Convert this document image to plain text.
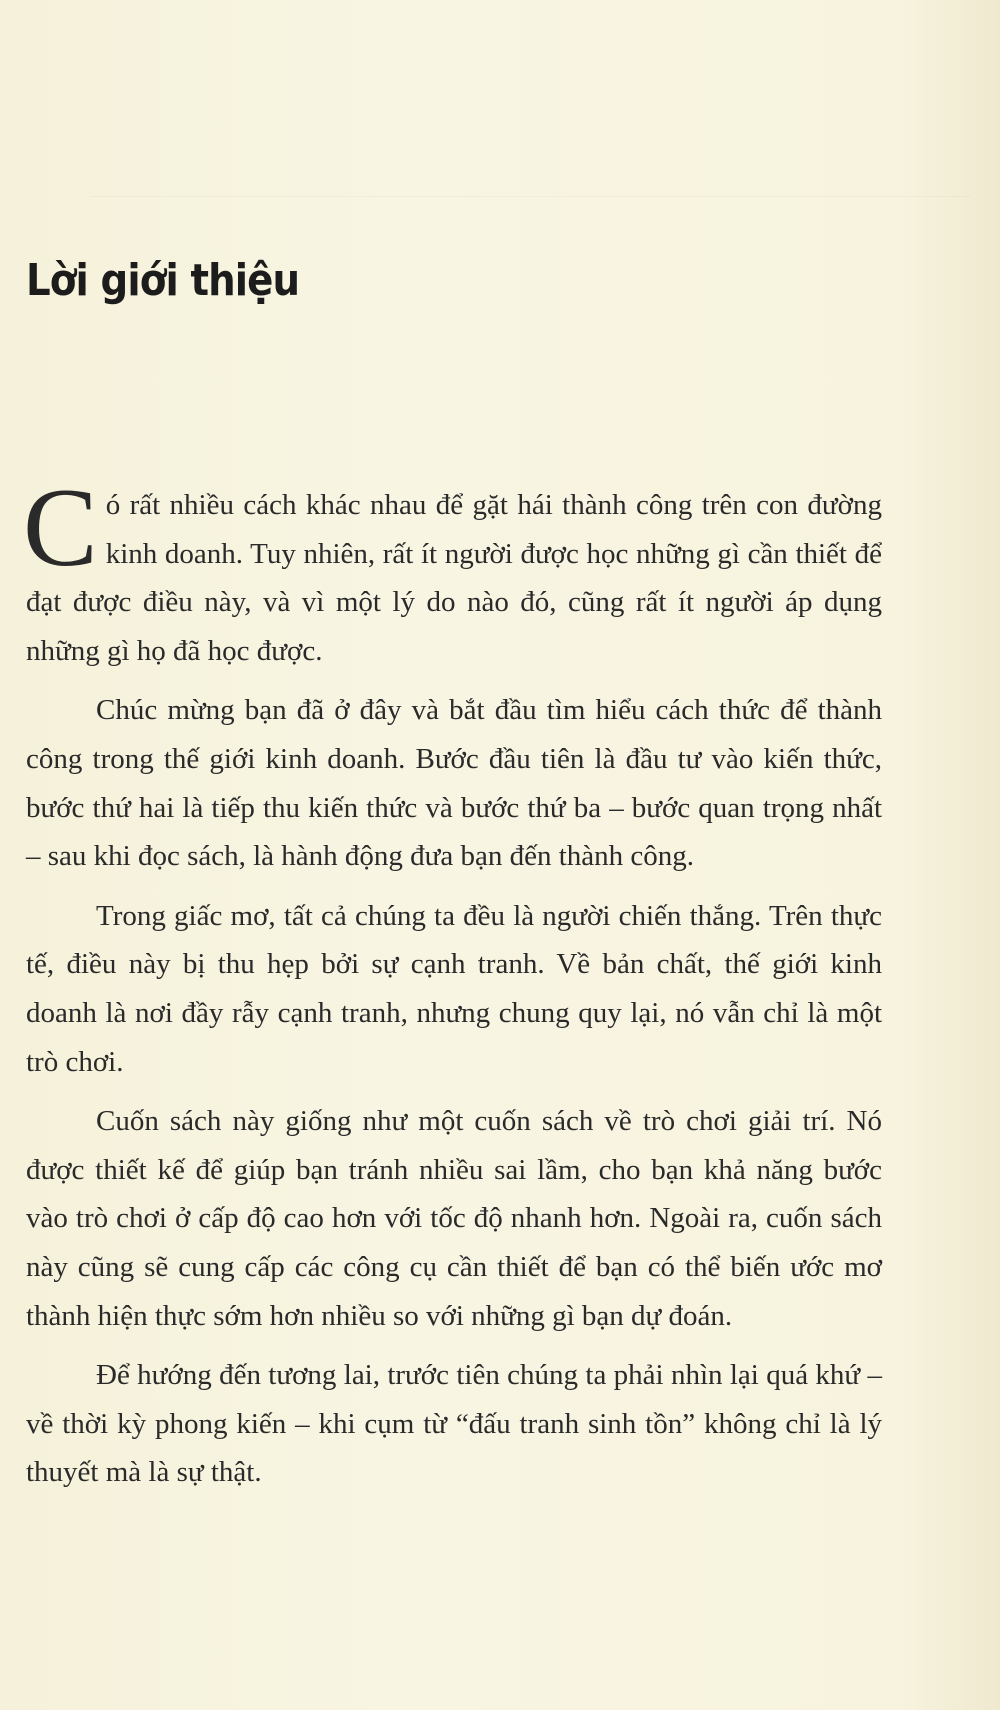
Lời giới thiệu

Có rất nhiều cách khác nhau để gặt hái thành công trên con đường kinh doanh. Tuy nhiên, rất ít người được học những gì cần thiết để đạt được điều này, và vì một lý do nào đó, cũng rất ít người áp dụng những gì họ đã học được.

Chúc mừng bạn đã ở đây và bắt đầu tìm hiểu cách thức để thành công trong thế giới kinh doanh. Bước đầu tiên là đầu tư vào kiến thức, bước thứ hai là tiếp thu kiến thức và bước thứ ba – bước quan trọng nhất – sau khi đọc sách, là hành động đưa bạn đến thành công.

Trong giấc mơ, tất cả chúng ta đều là người chiến thắng. Trên thực tế, điều này bị thu hẹp bởi sự cạnh tranh. Về bản chất, thế giới kinh doanh là nơi đầy rẫy cạnh tranh, nhưng chung quy lại, nó vẫn chỉ là một trò chơi.

Cuốn sách này giống như một cuốn sách về trò chơi giải trí. Nó được thiết kế để giúp bạn tránh nhiều sai lầm, cho bạn khả năng bước vào trò chơi ở cấp độ cao hơn với tốc độ nhanh hơn. Ngoài ra, cuốn sách này cũng sẽ cung cấp các công cụ cần thiết để bạn có thể biến ước mơ thành hiện thực sớm hơn nhiều so với những gì bạn dự đoán.

Để hướng đến tương lai, trước tiên chúng ta phải nhìn lại quá khứ – về thời kỳ phong kiến – khi cụm từ “đấu tranh sinh tồn” không chỉ là lý thuyết mà là sự thật.
